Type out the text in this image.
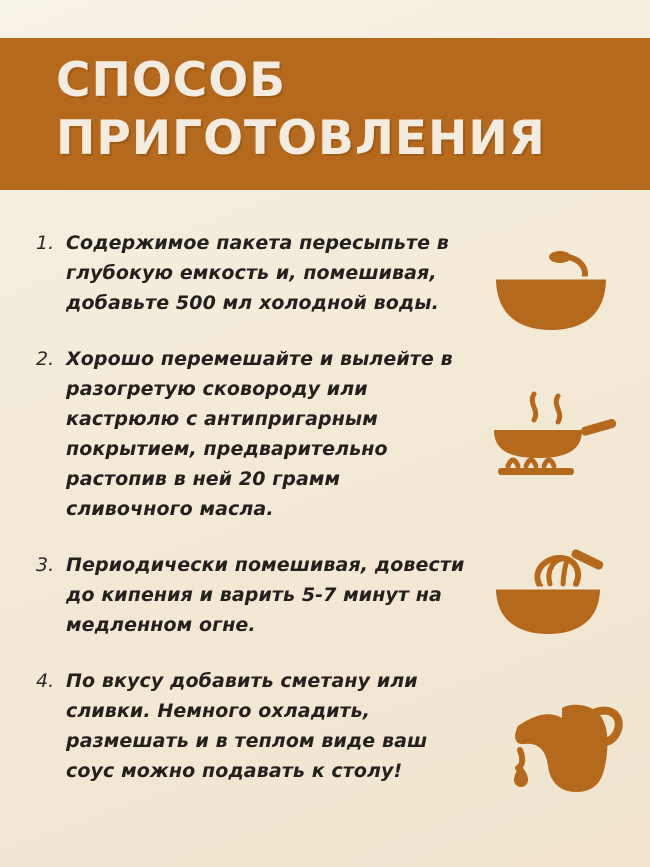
СПОСОБ ПРИГОТОВЛЕНИЯ
1. Содержимое пакета пересыпьте в глубокую емкость и, помешивая, добавьте 500 мл холодной воды.
2. Хорошо перемешайте и вылейте в разогретую сковороду или кастрюлю с антипригарным покрытием, предварительно растопив в ней 20 грамм сливочного масла.
3. Периодически помешивая, довести до кипения и варить 5-7 минут на медленном огне.
4. По вкусу добавить сметану или сливки. Немного охладить, размешать и в теплом виде ваш соус можно подавать к столу!
